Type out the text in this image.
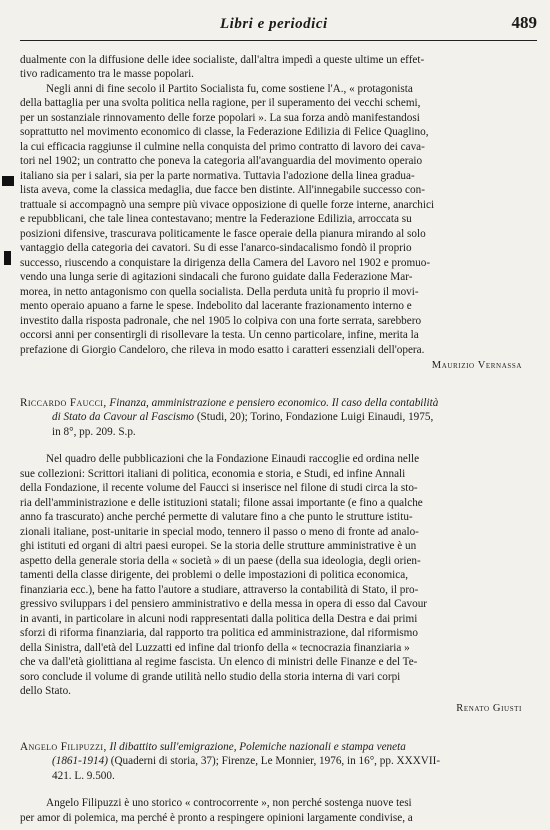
Libri e periodici	489
dualmente con la diffusione delle idee socialiste, dall'altra impedì a queste ultime un effet-
tivo radicamento tra le masse popolari.
Negli anni di fine secolo il Partito Socialista fu, come sostiene l'A., « protagonista
della battaglia per una svolta politica nella ragione, per il superamento dei vecchi schemi,
per un sostanziale rinnovamento delle forze popolari ». La sua forza andò manifestandosi
soprattutto nel movimento economico di classe, la Federazione Edilizia di Felice Quaglino,
la cui efficacia raggiunse il culmine nella conquista del primo contratto di lavoro dei cava-
tori nel 1902; un contratto che poneva la categoria all'avanguardia del movimento operaio
italiano sia per i salari, sia per la parte normativa. Tuttavia l'adozione della linea gradua-
lista aveva, come la classica medaglia, due facce ben distinte. All'innegabile successo con-
trattuale si accompagnò una sempre più vivace opposizione di quelle forze interne, anarchici
e repubblicani, che tale linea contestavano; mentre la Federazione Edilizia, arroccata su
posizioni difensive, trascurava politicamente le fasce operaie della pianura mirando al solo
vantaggio della categoria dei cavatori. Su di esse l'anarco-sindacalismo fondò il proprio
successo, riuscendo a conquistare la dirigenza della Camera del Lavoro nel 1902 e promuo-
vendo una lunga serie di agitazioni sindacali che furono guidate dalla Federazione Mar-
morea, in netto antagonismo con quella socialista. Della perduta unità fu proprio il movi-
mento operaio apuano a farne le spese. Indebolito dal lacerante frazionamento interno e
investito dalla risposta padronale, che nel 1905 lo colpiva con una forte serrata, sarebbero
occorsi anni per consentirgli di risollevare la testa. Un cenno particolare, infine, merita la
prefazione di Giorgio Candeloro, che rileva in modo esatto i caratteri essenziali dell'opera.
Maurizio Vernassa
Riccardo Faucci, Finanza, amministrazione e pensiero economico. Il caso della contabilità
di Stato da Cavour al Fascismo (Studi, 20); Torino, Fondazione Luigi Einaudi, 1975,
in 8°, pp. 209. S.p.
Nel quadro delle pubblicazioni che la Fondazione Einaudi raccoglie ed ordina nelle
sue collezioni: Scrittori italiani di politica, economia e storia, e Studi, ed infine Annali
della Fondazione, il recente volume del Faucci si inserisce nel filone di studi circa la sto-
ria dell'amministrazione e delle istituzioni statali; filone assai importante (e fino a qualche
anno fa trascurato) anche perché permette di valutare fino a che punto le strutture istitu-
zionali italiane, post-unitarie in special modo, tennero il passo o meno di fronte ad analo-
ghi istituti ed organi di altri paesi europei. Se la storia delle strutture amministrative è un
aspetto della generale storia della « società » di un paese (della sua ideologia, degli orien-
tamenti della classe dirigente, dei problemi o delle impostazioni di politica economica,
finanziaria ecc.), bene ha fatto l'autore a studiare, attraverso la contabilità di Stato, il pro-
gressivo sviluppars i del pensiero amministrativo e della messa in opera di esso dal Cavour
in avanti, in particolare in alcuni nodi rappresentati dalla politica della Destra e dai primi
sforzi di riforma finanziaria, dal rapporto tra politica ed amministrazione, dal riformismo
della Sinistra, dall'età del Luzzatti ed infine dal trionfo della « tecnocrazia finanziaria »
che va dall'età giolittiana al regime fascista. Un elenco di ministri delle Finanze e del Te-
soro conclude il volume di grande utilità nello studio della storia interna di vari corpi
dello Stato.
Renato Giusti
Angelo Filipuzzi, Il dibattito sull'emigrazione, Polemiche nazionali e stampa veneta
(1861-1914) (Quaderni di storia, 37); Firenze, Le Monnier, 1976, in 16°, pp. XXXVII-
421. L. 9.500.
Angelo Filipuzzi è uno storico « controcorrente », non perché sostenga nuove tesi
per amor di polemica, ma perché è pronto a respingere opinioni largamente condivise, a
